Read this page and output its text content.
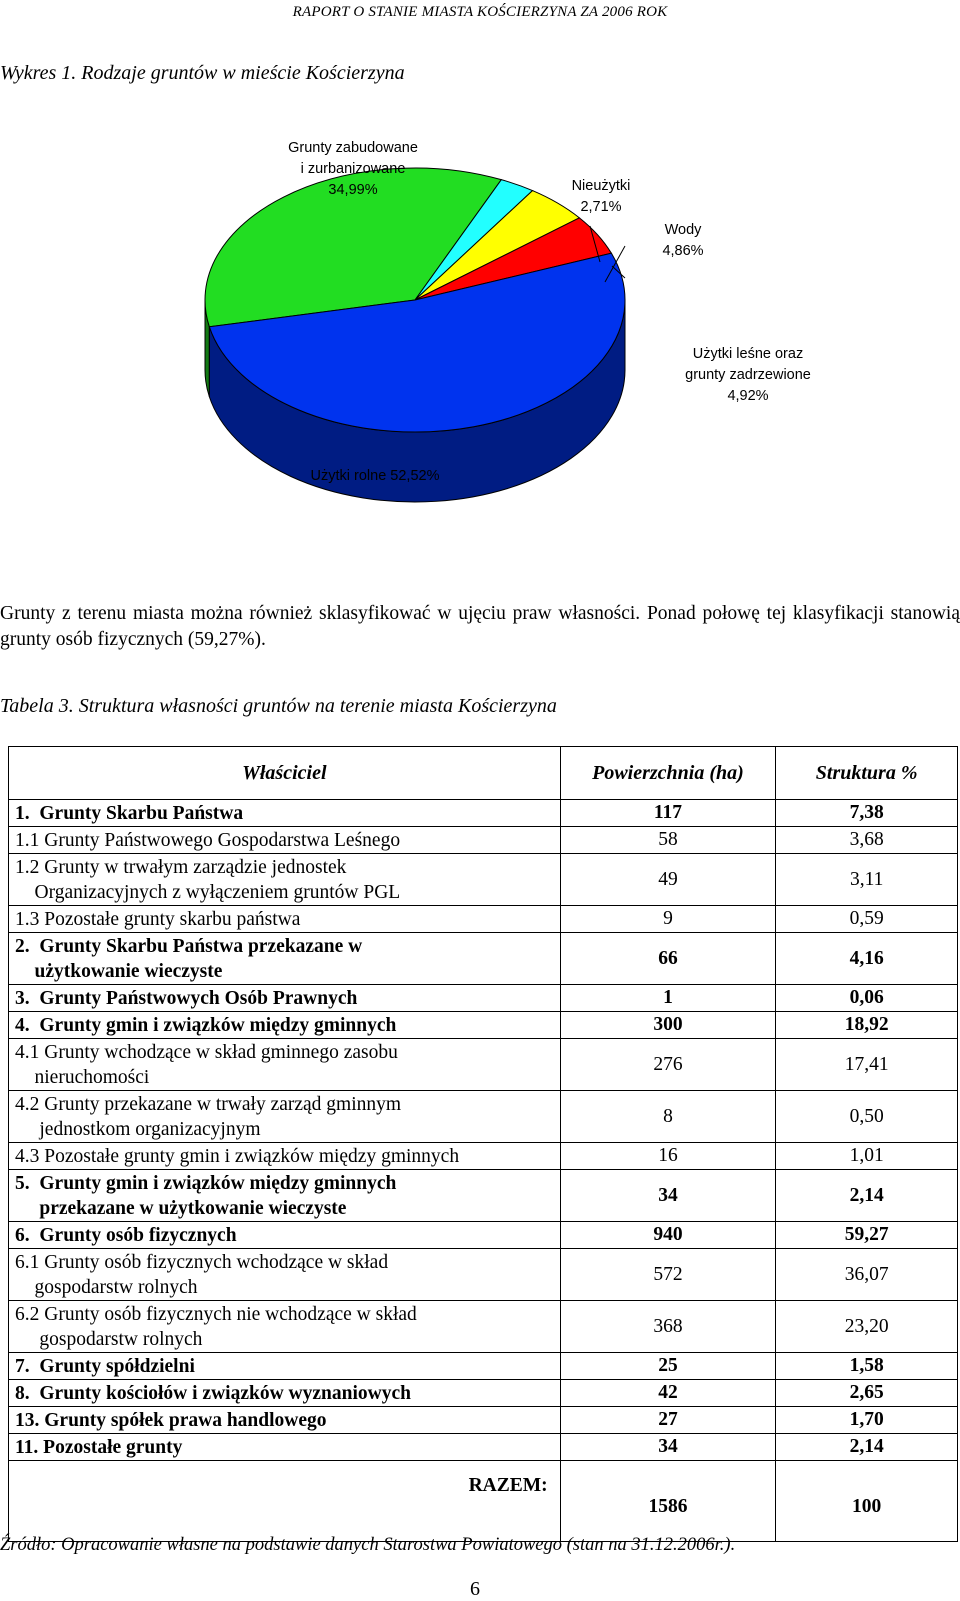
RAPORT O STANIE MIASTA KOŚCIERZYNA ZA 2006 ROK
Wykres 1. Rodzaje gruntów w mieście Kościerzyna
Grunty zabudowane
i zurbanizowane
34,99%	Nieużytki
2,71%
Wody
4,86%
Użytki leśne oraz
grunty zadrzewione
4,92%
Użytki rolne 52,52%
Grunty z terenu miasta można również sklasyfikować w ujęciu praw własności. Ponad połowę tej klasyfikacji stanowią grunty osób fizycznych (59,27%).
Tabela 3. Struktura własności gruntów na terenie miasta Kościerzyna
Właściciel	Powierzchnia (ha)	Struktura %
1.  Grunty Skarbu Państwa	117	7,38
1.1 Grunty Państwowego Gospodarstwa Leśnego	58	3,68
1.2 Grunty w trwałym zarządzie jednostek
Organizacyjnych z wyłączeniem gruntów PGL	49	3,11
1.3 Pozostałe grunty skarbu państwa	9	0,59
2.  Grunty Skarbu Państwa przekazane w
użytkowanie wieczyste	66	4,16
3.  Grunty Państwowych Osób Prawnych	1	0,06
4.  Grunty gmin i związków między gminnych	300	18,92
4.1 Grunty wchodzące w skład gminnego zasobu
nieruchomości	276	17,41
4.2 Grunty przekazane w trwały zarząd gminnym
jednostkom organizacyjnym	8	0,50
4.3 Pozostałe grunty gmin i związków między gminnych	16	1,01
5.  Grunty gmin i związków między gminnych
przekazane w użytkowanie wieczyste	34	2,14
6.  Grunty osób fizycznych	940	59,27
6.1 Grunty osób fizycznych wchodzące w skład
gospodarstw rolnych	572	36,07
6.2 Grunty osób fizycznych nie wchodzące w skład
gospodarstw rolnych	368	23,20
7.  Grunty spółdzielni	25	1,58
8.  Grunty kościołów i związków wyznaniowych	42	2,65
13. Grunty spółek prawa handlowego	27	1,70
11. Pozostałe grunty	34	2,14
RAZEM:	1586	100
Źródło: Opracowanie własne na podstawie danych Starostwa Powiatowego (stan na 31.12.2006r.).
6
